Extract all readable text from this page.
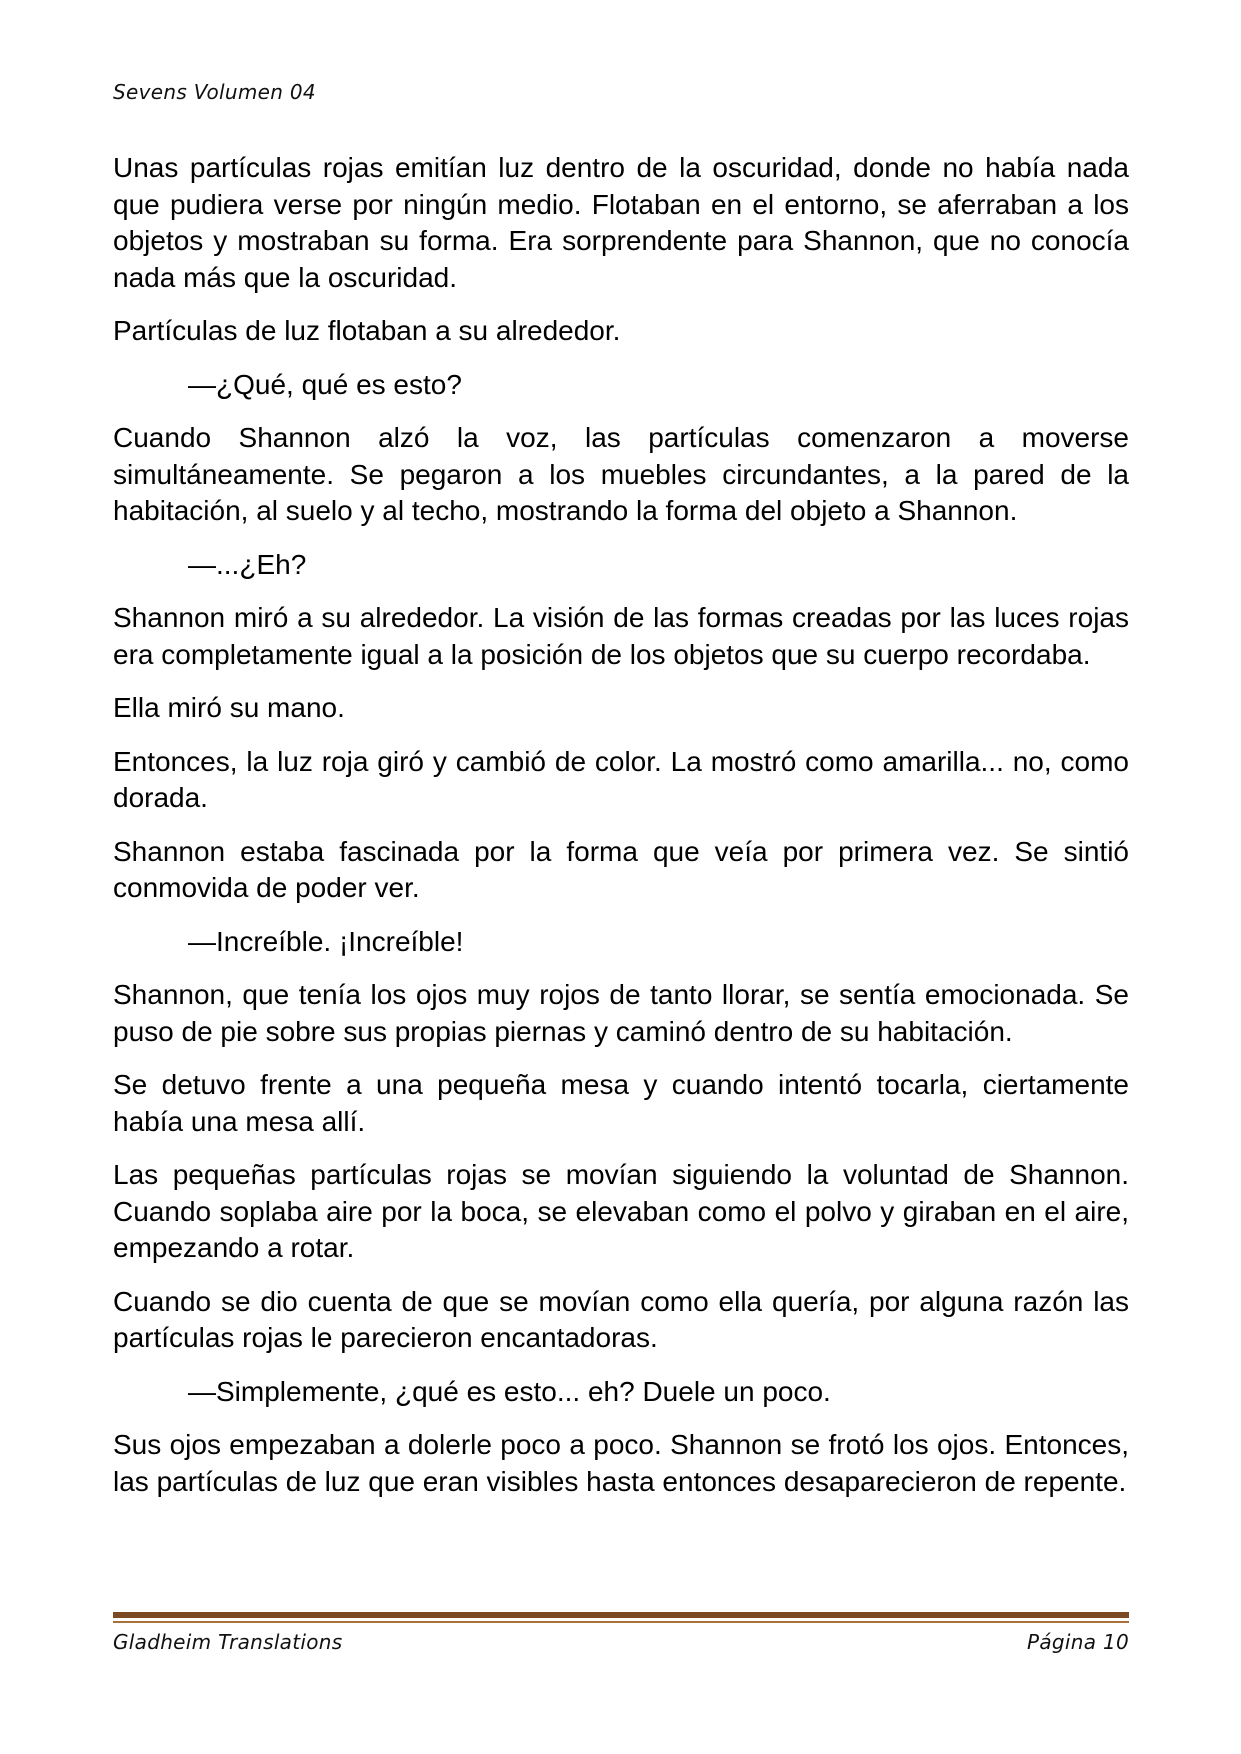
Sevens Volumen 04

Unas partículas rojas emitían luz dentro de la oscuridad, donde no había nada que pudiera verse por ningún medio. Flotaban en el entorno, se aferraban a los objetos y mostraban su forma. Era sorprendente para Shannon, que no conocía nada más que la oscuridad.

Partículas de luz flotaban a su alrededor.

—¿Qué, qué es esto?

Cuando Shannon alzó la voz, las partículas comenzaron a moverse simultáneamente. Se pegaron a los muebles circundantes, a la pared de la habitación, al suelo y al techo, mostrando la forma del objeto a Shannon.

—...¿Eh?

Shannon miró a su alrededor. La visión de las formas creadas por las luces rojas era completamente igual a la posición de los objetos que su cuerpo recordaba.

Ella miró su mano.

Entonces, la luz roja giró y cambió de color. La mostró como amarilla... no, como dorada.

Shannon estaba fascinada por la forma que veía por primera vez. Se sintió conmovida de poder ver.

—Increíble. ¡Increíble!

Shannon, que tenía los ojos muy rojos de tanto llorar, se sentía emocionada. Se puso de pie sobre sus propias piernas y caminó dentro de su habitación.

Se detuvo frente a una pequeña mesa y cuando intentó tocarla, ciertamente había una mesa allí.

Las pequeñas partículas rojas se movían siguiendo la voluntad de Shannon. Cuando soplaba aire por la boca, se elevaban como el polvo y giraban en el aire, empezando a rotar.

Cuando se dio cuenta de que se movían como ella quería, por alguna razón las partículas rojas le parecieron encantadoras.

—Simplemente, ¿qué es esto... eh? Duele un poco.

Sus ojos empezaban a dolerle poco a poco. Shannon se frotó los ojos. Entonces, las partículas de luz que eran visibles hasta entonces desaparecieron de repente.

Gladheim Translations	Página 10
